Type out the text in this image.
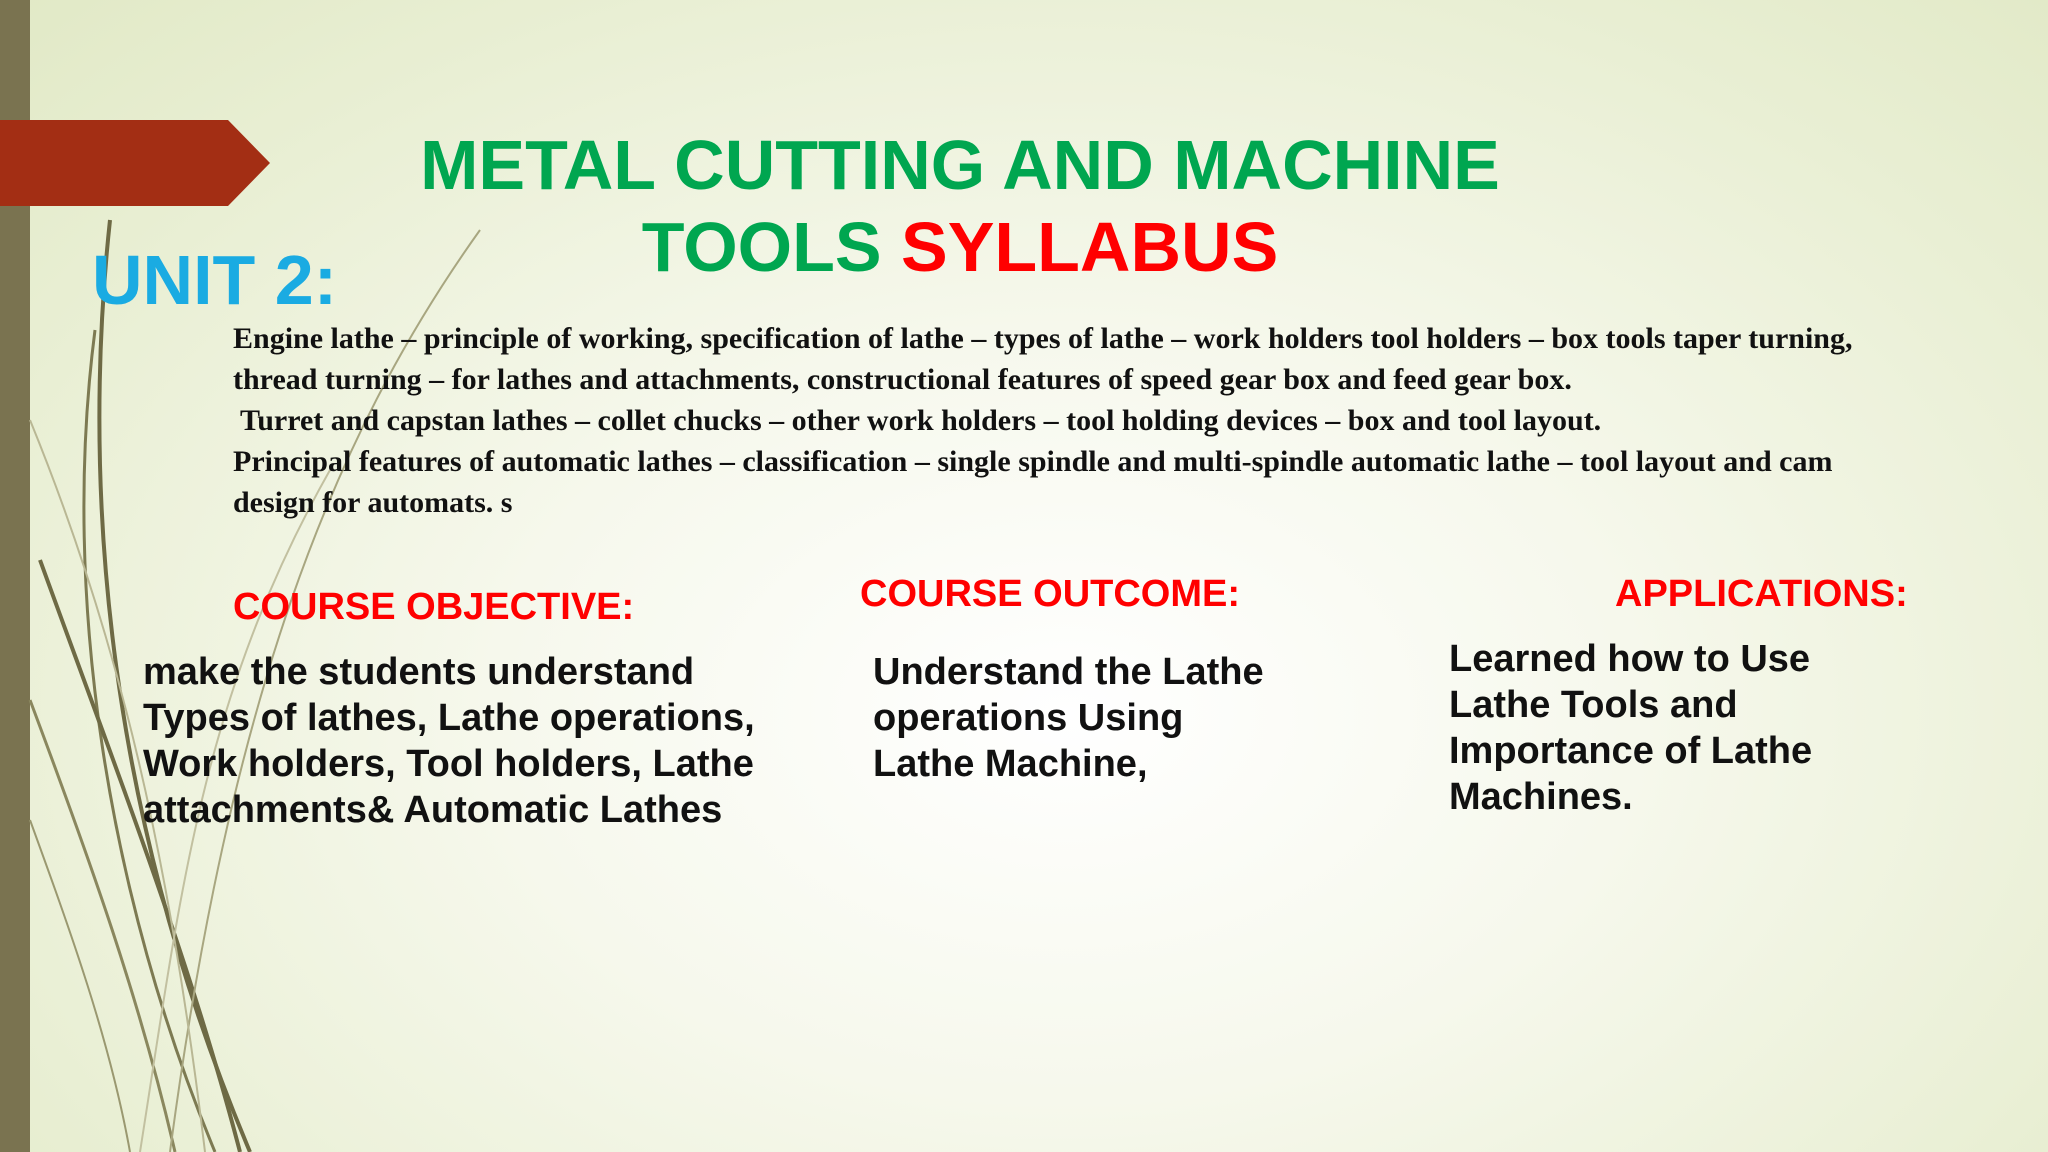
METAL CUTTING AND MACHINE
TOOLS SYLLABUS
UNIT 2:

Engine lathe – principle of working, specification of lathe – types of lathe – work holders tool holders – box tools taper turning, thread turning – for lathes and attachments, constructional features of speed gear box and feed gear box.

Turret and capstan lathes – collet chucks – other work holders – tool holding devices – box and tool layout.

Principal features of automatic lathes – classification – single spindle and multi-spindle automatic lathe – tool layout and cam design for automats. s

COURSE OBJECTIVE:
make the students understand
Types of lathes, Lathe operations,
Work holders, Tool holders, Lathe
attachments& Automatic Lathes
COURSE OUTCOME:
Understand the Lathe
operations Using
Lathe Machine,
APPLICATIONS:
Learned how to Use
Lathe Tools and
Importance of Lathe
Machines.
